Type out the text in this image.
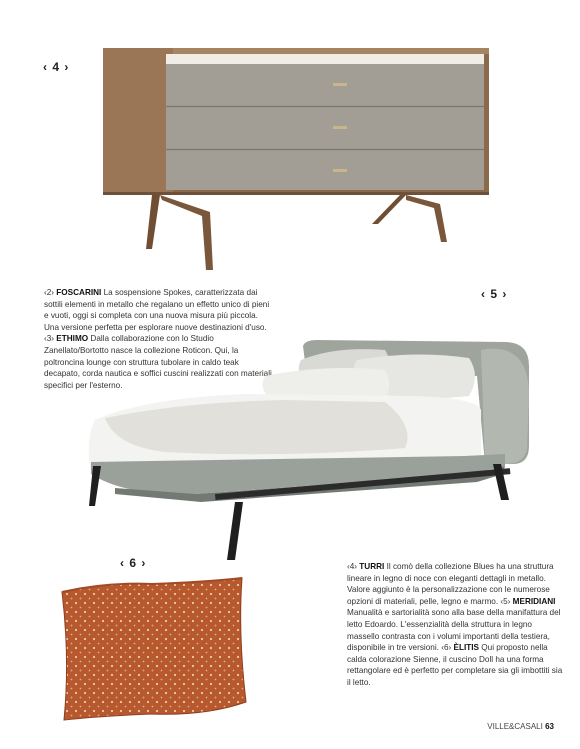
‹ 4 ›
‹ 5 ›
‹ 6 ›
‹2› FOSCARINI La sospensione Spokes, caratterizzata dai sottili elementi in metallo che regalano un effetto unico di pieni e vuoti, oggi si completa con una nuova misura più piccola. Una versione perfetta per esplorare nuove destinazioni d'uso. ‹3› ETHIMO Dalla collaborazione con lo Studio Zanellato/Bortotto nasce la collezione Roticon. Qui, la poltroncina lounge con struttura tubolare in caldo teak decapato, corda nautica e soffici cuscini realizzati con materiali specifici per l'esterno.
‹4› TURRI Il comò della collezione Blues ha una struttura lineare in legno di noce con eleganti dettagli in metallo. Valore aggiunto è la personalizzazione con le numerose opzioni di materiali, pelle, legno e marmo. ‹5› MERIDIANI Manualità e sartorialità sono alla base della manifattura del letto Edoardo. L'essenzialità della struttura in legno massello contrasta con i volumi importanti della testiera, disponibile in tre versioni. ‹6› ÈLITIS Qui proposto nella calda colorazione Sienne, il cuscino Doll ha una forma rettangolare ed è perfetto per completare sia gli imbottiti sia il letto.
VILLE&CASALI 63
